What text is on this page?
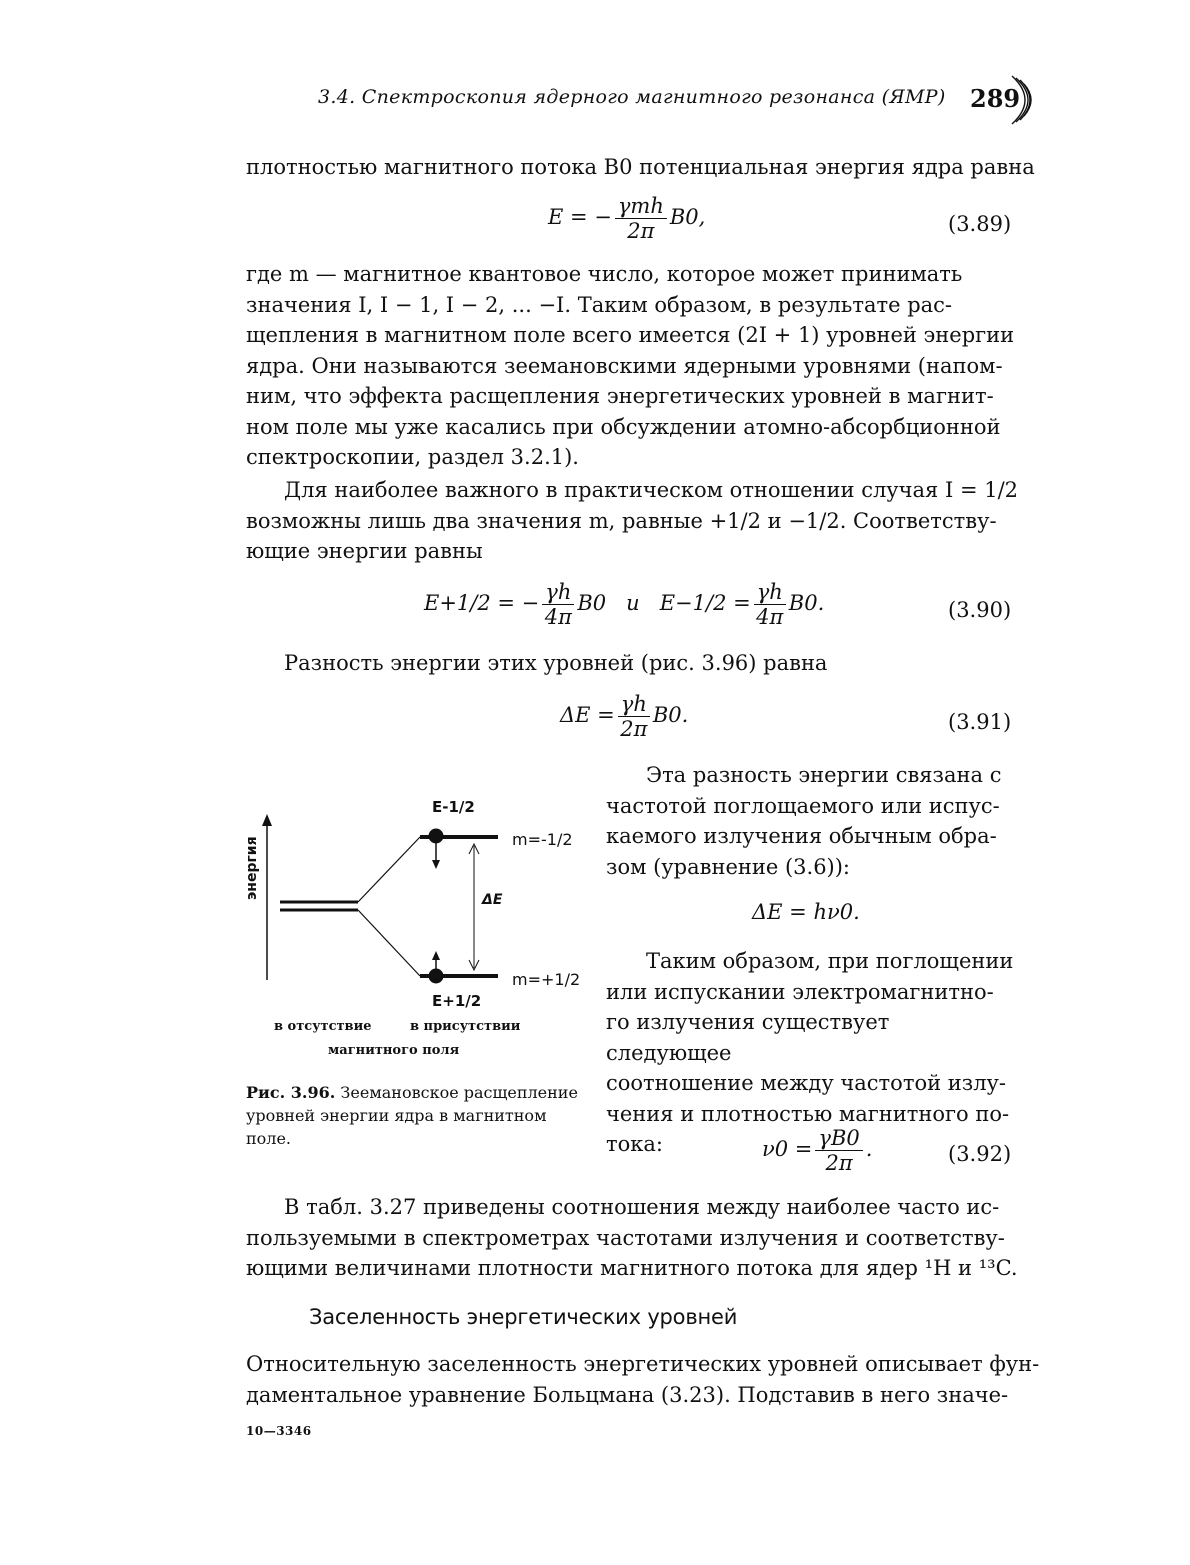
3.4. Спектроскопия ядерного магнитного резонанса (ЯМР) 289
плотностью магнитного потока B0 потенциальная энергия ядра равна
E = − $\frac{\text{γmh}}{2\pi} B0$,	(3.89)
где m — магнитное квантовое число, которое может принимать
значения I, I − 1, I − 2, ... −I. Таким образом, в результате рас-
щепления в магнитном поле всего имеется (2I + 1) уровней энергии
ядра. Они называются зеемановскими ядерными уровнями (напом-
ним, что эффекта расщепления энергетических уровней в магнит-
ном поле мы уже касались при обсуждении атомно-абсорбционной
спектроскопии, раздел 3.2.1).
Для наиболее важного в практическом отношении случая I = 1/2
возможны лишь два значения m, равные +1/2 и −1/2. Соответству-
ющие энергии равны
E+1/2 = − $\frac{\gamma h}{4\pi} B0$   и   $E-1/2 = \frac{\gamma h}{4\pi} B0$.	(3.90)
Разность энергии этих уровней (рис. 3.96) равна
$\Delta E = \frac{\gamma h}{2\pi} B0$.	(3.91)
Эта разность энергии связана с
частотой поглощаемого или испус-
каемого излучения обычным обра-
зом (уравнение (3.6)):
ΔE = hν0.
Таким образом, при поглощении
или испускании электромагнитно-
го излучения существует следующее
соотношение между частотой излу-
чения и плотностью магнитного по-
тока:	$\nu 0 = \frac{\gamma B0}{2\pi}$ .	(3.92)
энергия
E-1/2
E+1/2
m=-1/2
m=+1/2
ΔE
в отсутствие	в присутствии
магнитного поля
Рис. 3.96. Зеемановское расщепление уровней энергии ядра в магнитном поле.
В табл. 3.27 приведены соотношения между наиболее часто ис-
пользуемыми в спектрометрах частотами излучения и соответству-
ющими величинами плотности магнитного потока для ядер ¹H и ¹³C.
Заселенность энергетических уровней
Относительную заселенность энергетических уровней описывает фун-
даментальное уравнение Больцмана (3.23). Подставив в него значе-
10—3346
